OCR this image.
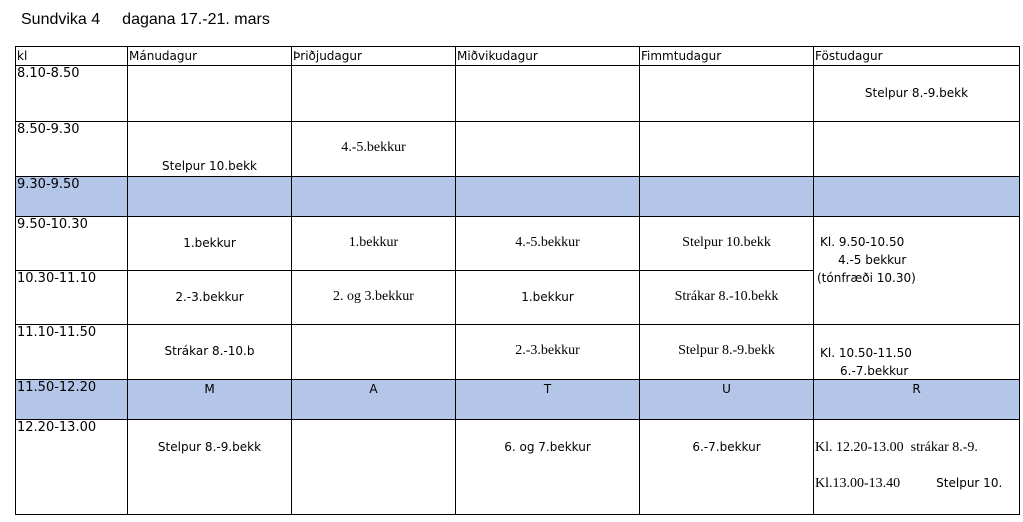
Sundvika 4 dagana 17.-21. mars
kl	Mánudagur	Þriðjudagur	Miðvikudagur	Fimmtudagur	Föstudagur
8.10-8.50					Stelpur 8.-9.bekk

8.50-9.30	Stelpur 10.bekk	4.-5.bekkur			

9.30-9.50					
9.50-10.30	1.bekkur	1.bekkur	4.-5.bekkur	Stelpur 10.bekk	Kl. 9.50-10.50
4.-5 bekkur
(tónfræði 10.30)

10.30-11.10	2.-3.bekkur	2. og 3.bekkur	1.bekkur	Strákar 8.-10.bekk	

11.10-11.50	Strákar 8.-10.b		2.-3.bekkur	Stelpur 8.-9.bekk	Kl. 10.50-11.50
6.-7.bekkur

11.50-12.20	M	A	T	U	R

12.20-13.00	Stelpur 8.-9.bekk		6. og 7.bekkur	6.-7.bekkur	Kl. 12.20-13.00 strákar 8.-9.
Kl.13.00-13.40 Stelpur 10.
